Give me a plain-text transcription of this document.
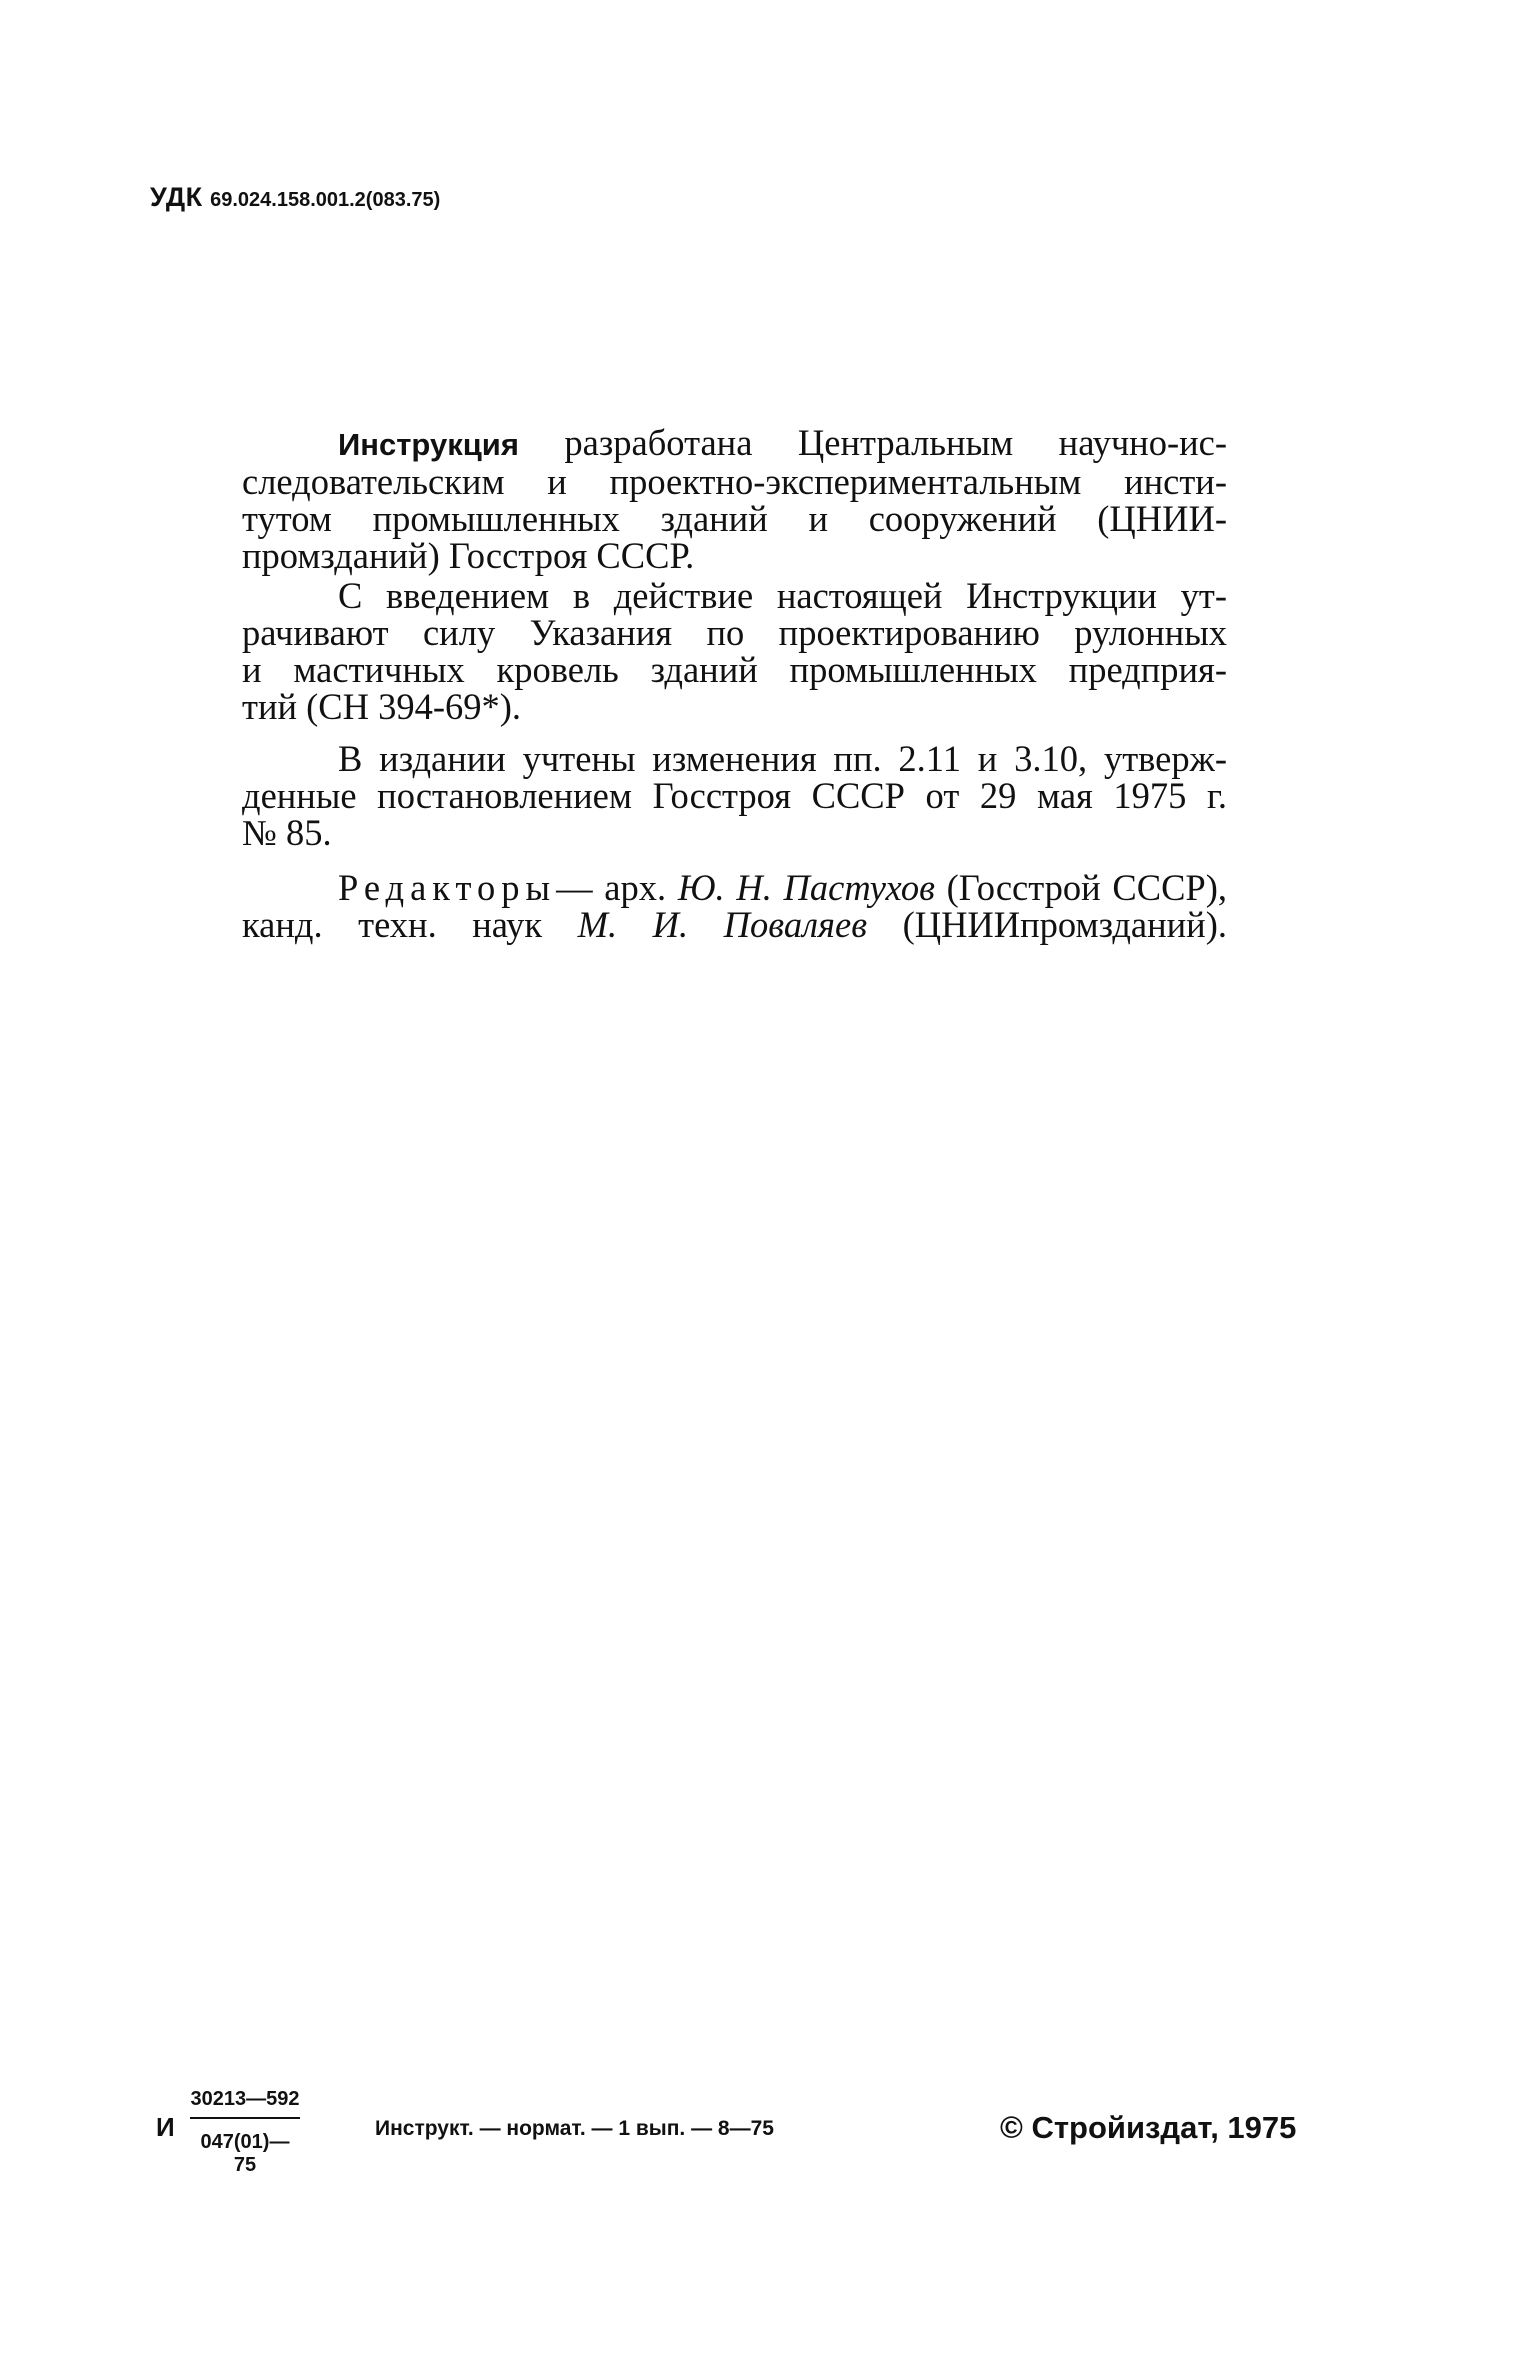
УДК 69.024.158.001.2(083.75)
Инструкция разработана Центральным научно-ис-
следовательским и проектно-экспериментальным инсти-
тутом промышленных зданий и сооружений (ЦНИИ-
промзданий) Госстроя СССР.
С введением в действие настоящей Инструкции ут-
рачивают силу Указания по проектированию рулонных
и мастичных кровель зданий промышленных предприя-
тий (СН 394-69*).
В издании учтены изменения пп. 2.11 и 3.10, утверж-
денные постановлением Госстроя СССР от 29 мая 1975 г.
№ 85.
Редакторы— арх. Ю. Н. Пастухов (Госстрой СССР),
канд. техн. наук М. И. Поваляев (ЦНИИпромзданий).
И $\frac{30213—592}{047(01)—75}$	Инструкт. — нормат. — 1 вып. — 8—75	© Стройиздат, 1975
